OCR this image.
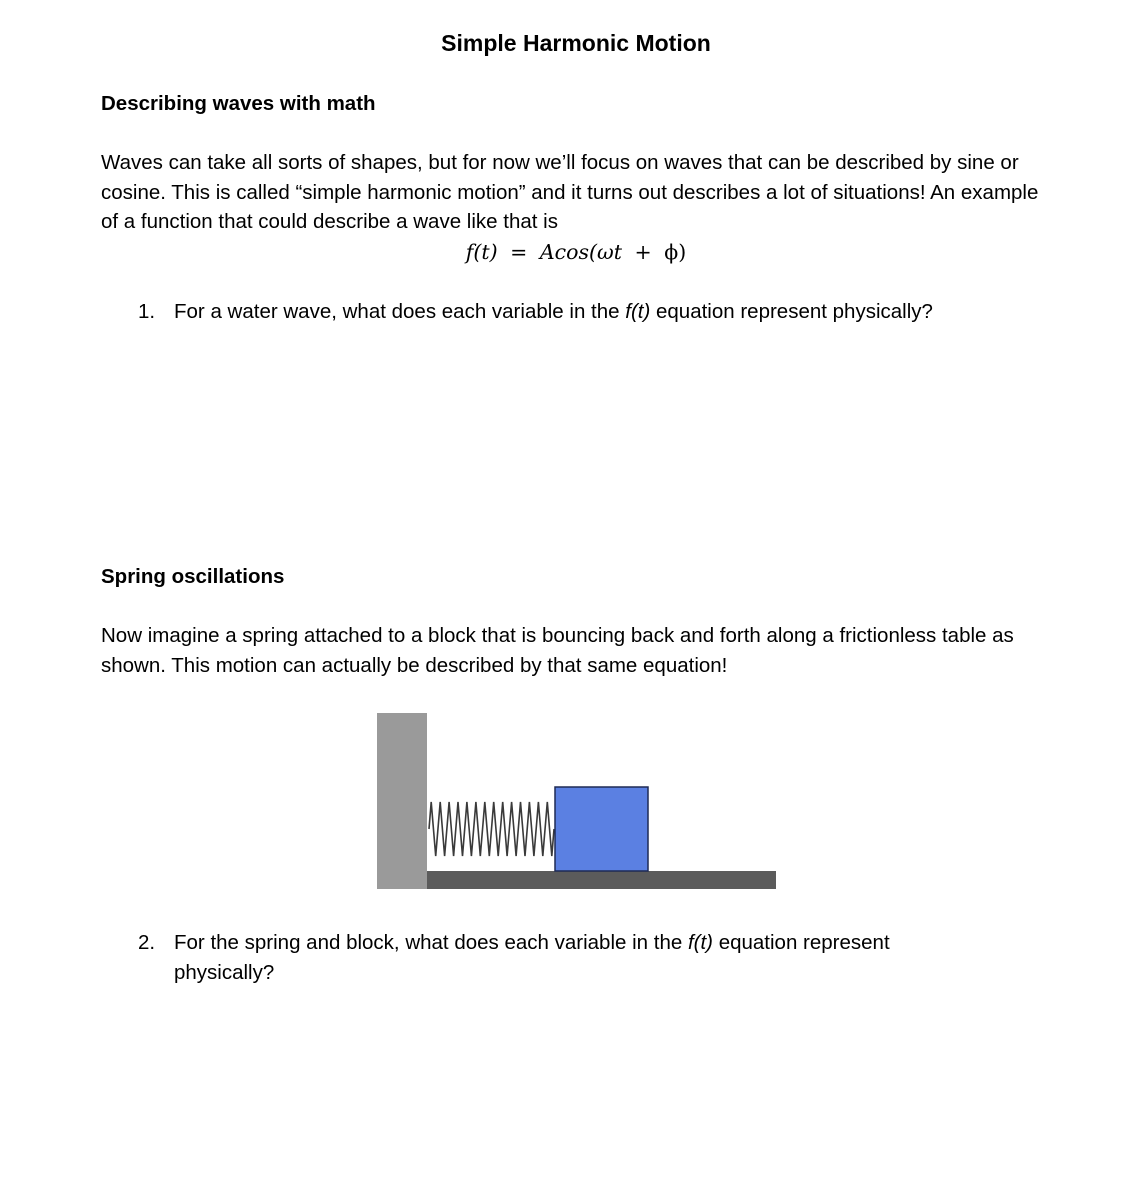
Simple Harmonic Motion
Describing waves with math

Waves can take all sorts of shapes, but for now we’ll focus on waves that can be described by sine or cosine. This is called “simple harmonic motion” and it turns out describes a lot of situations! An example of a function that could describe a wave like that is

f(t) = Acos(ωt + ϕ)
1. For a water wave, what does each variable in the f(t) equation represent physically?

Spring oscillations

Now imagine a spring attached to a block that is bouncing back and forth along a frictionless table as shown. This motion can actually be described by that same equation!

2. For the spring and block, what does each variable in the f(t) equation represent physically?
